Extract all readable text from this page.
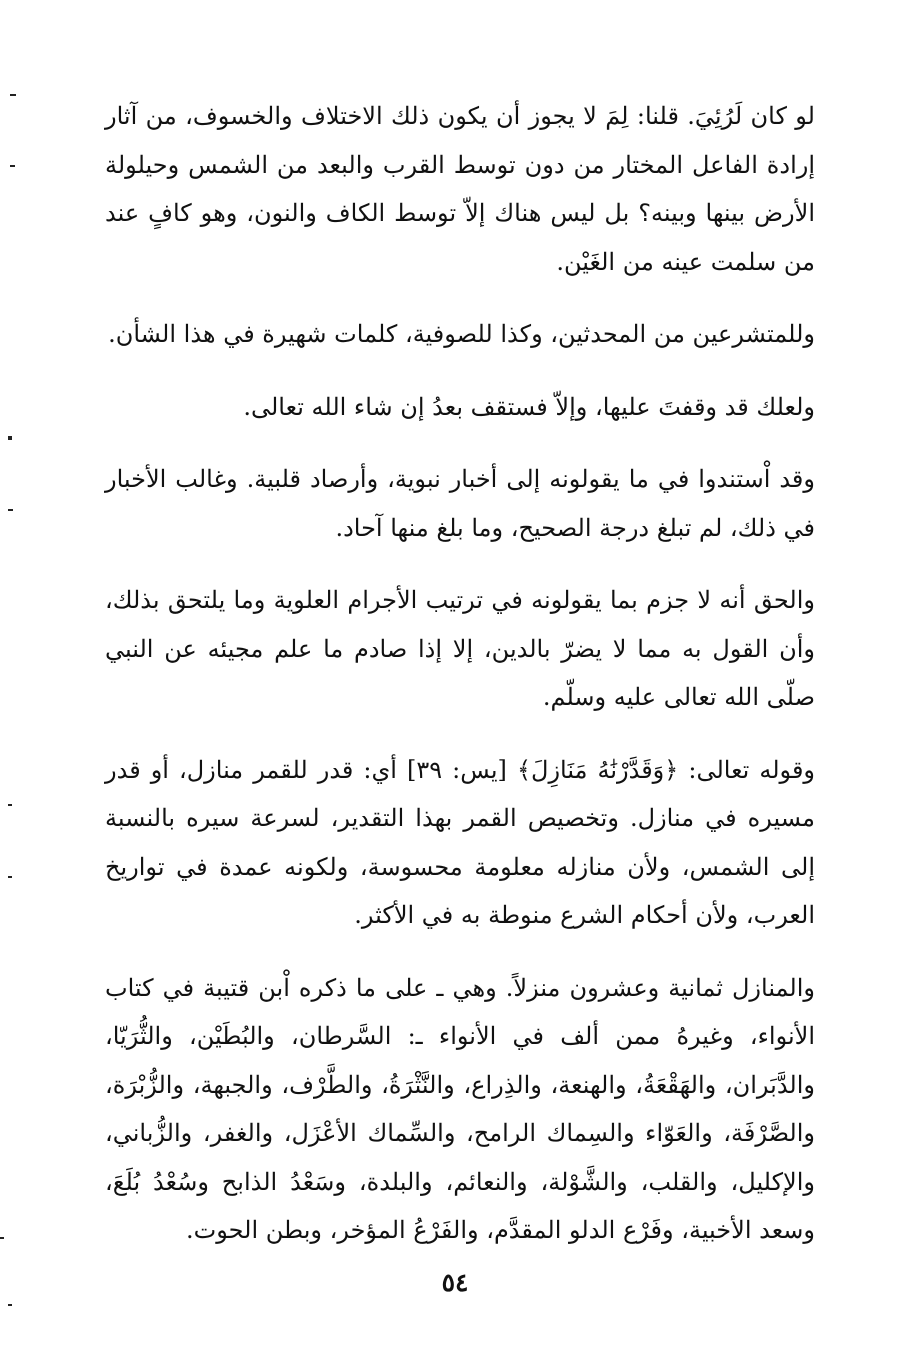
لو كان لَرُئِيَ. قلنا: لِمَ لا يجوز أن يكون ذلك الاختلاف والخسوف، من آثار إرادة الفاعل المختار من دون توسط القرب والبعد من الشمس وحيلولة الأرض بينها وبينه؟ بل ليس هناك إلاّ توسط الكاف والنون، وهو كافٍ عند من سلمت عينه من الغَيْن.

وللمتشرعين من المحدثين، وكذا للصوفية، كلمات شهيرة في هذا الشأن.

ولعلك قد وقفتَ عليها، وإلاّ فستقف بعدُ إن شاء الله تعالى.

وقد اْستندوا في ما يقولونه إلى أخبار نبوية، وأرصاد قلبية. وغالب الأخبار في ذلك، لم تبلغ درجة الصحيح، وما بلغ منها آحاد.

والحق أنه لا جزم بما يقولونه في ترتيب الأجرام العلوية وما يلتحق بذلك، وأن القول به مما لا يضرّ بالدين، إلا إذا صادم ما علم مجيئه عن النبي صلّى الله تعالى عليه وسلّم.

وقوله تعالى: ﴿وَقَدَّرْنَٰهُ مَنَازِلَ﴾ [يس: ٣٩] أي: قدر للقمر منازل، أو قدر مسيره في منازل. وتخصيص القمر بهذا التقدير، لسرعة سيره بالنسبة إلى الشمس، ولأن منازله معلومة محسوسة، ولكونه عمدة في تواريخ العرب، ولأن أحكام الشرع منوطة به في الأكثر.

والمنازل ثمانية وعشرون منزلاً. وهي ـ على ما ذكره اْبن قتيبة في كتاب الأنواء، وغيرهُ ممن ألف في الأنواء ـ: السَّرطان، والبُطَيْن، والثُّرَيّا، والدَّبَران، والهَقْعَةُ، والهنعة، والذِراع، والنَّثْرَةُ، والطَّرْف، والجبهة، والزُّبْرَة، والصَّرْفَة، والعَوّاء والسِماك الرامح، والسِّماك الأعْزَل، والغفر، والزُّباني، والإكليل، والقلب، والشَّوْلة، والنعائم، والبلدة، وسَعْدُ الذابح وسُعْدُ بُلَعَ، وسعد الأخبية، وفَرْع الدلو المقدَّم، والفَرْعُ المؤخر، وبطن الحوت.

٥٤
